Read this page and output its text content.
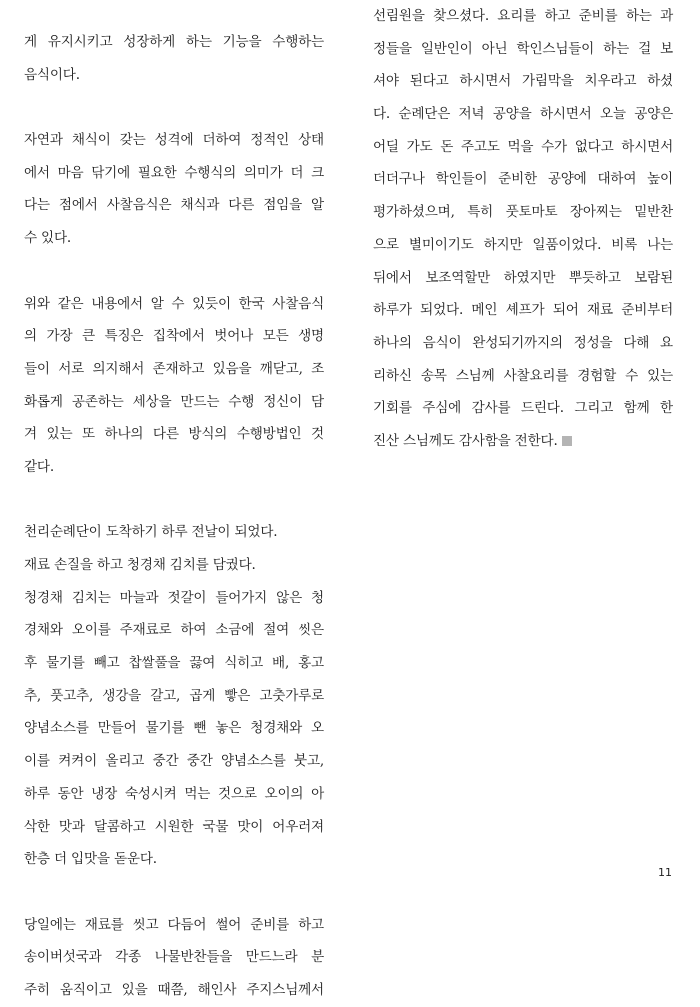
게 유지시키고 성장하게 하는 기능을 수행하는
음식이다.
자연과 채식이 갖는 성격에 더하여 정적인 상태
에서 마음 닦기에 필요한 수행식의 의미가 더 크
다는 점에서 사찰음식은 채식과 다른 점임을 알
수 있다.
위와 같은 내용에서 알 수 있듯이 한국 사찰음식
의 가장 큰 특징은 집착에서 벗어나 모든 생명
들이 서로 의지해서 존재하고 있음을 깨닫고, 조
화롭게 공존하는 세상을 만드는 수행 정신이 담
겨 있는 또 하나의 다른 방식의 수행방법인 것
같다.
천리순례단이 도착하기 하루 전날이 되었다.
재료 손질을 하고 청경채 김치를 담궜다.
청경채 김치는 마늘과 젓갈이 들어가지 않은 청
경채와 오이를 주재료로 하여 소금에 절여 씻은
후 물기를 빼고 찹쌀풀을 끓여 식히고 배, 홍고
추, 풋고추, 생강을 갈고, 곱게 빻은 고춧가루로
양념소스를 만들어 물기를 뺀 놓은 청경채와 오
이를 켜켜이 올리고 중간 중간 양념소스를 붓고,
하루 동안 냉장 숙성시켜 먹는 것으로 오이의 아
삭한 맛과 달콤하고 시원한 국물 맛이 어우러져
한층 더 입맛을 돋운다.
당일에는 재료를 씻고 다듬어 썰어 준비를 하고
송이버섯국과 각종 나물반찬들을 만드느라 분
주히 움직이고 있을 때쯤, 해인사 주지스님께서
선림원을 찾으셨다. 요리를 하고 준비를 하는 과
정들을 일반인이 아닌 학인스님들이 하는 걸 보
셔야 된다고 하시면서 가림막을 치우라고 하셨
다. 순례단은 저녁 공양을 하시면서 오늘 공양은
어딜 가도 돈 주고도 먹을 수가 없다고 하시면서
더더구나 학인들이 준비한 공양에 대하여 높이
평가하셨으며, 특히 풋토마토 장아찌는 밑반찬
으로 별미이기도 하지만 일품이었다. 비록 나는
뒤에서 보조역할만 하였지만 뿌듯하고 보람된
하루가 되었다. 메인 셰프가 되어 재료 준비부터
하나의 음식이 완성되기까지의 정성을 다해 요
리하신 송목 스님께 사찰요리를 경험할 수 있는
기회를 주심에 감사를 드린다. 그리고 함께 한
진산 스님께도 감사함을 전한다.
11
